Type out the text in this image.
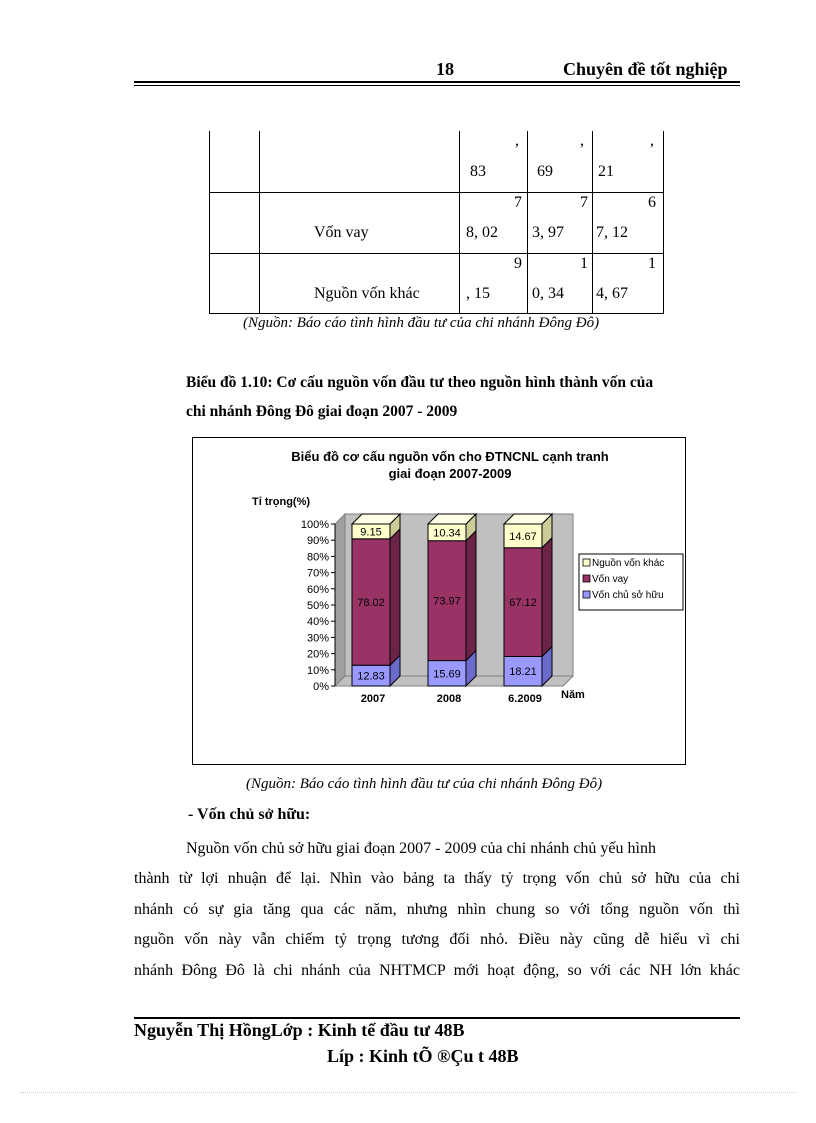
18	Chuyên đề tốt nghiệp
,
83
,
69
,
21
Vốn vay
7
8, 02
7
3, 97
6
7, 12
Nguồn vốn khác
9
, 15
1
0, 34
1
4, 67
(Nguồn: Báo cáo tình hình đầu tư của chi nhánh Đông Đô)
Biểu đồ 1.10: Cơ cấu nguồn vốn đầu tư theo nguồn hình thành vốn của
chi nhánh Đông Đô giai đoạn 2007 - 2009
Biểu đồ cơ cấu nguồn vốn cho ĐTNCNL cạnh tranh
giai đoạn 2007-2009
Tỉ trọng(%)
0%
10%
20%
30%
40%
50%
60%
70%
80%
90%
100%
12.83
78.02
9.15
2007
15.69
73.97
10.34
2008
18.21
67.12
14.67
6.2009 Năm
Nguồn vốn khác
Vốn vay
Vốn chủ sở hữu
(Nguồn: Báo cáo tình hình đầu tư của chi nhánh Đông Đô)
- Vốn chủ sở hữu:
Nguồn vốn chủ sở hữu giai đoạn 2007 - 2009 của chi nhánh chủ yếu hình
thành từ lợi nhuận để lại. Nhìn vào bảng ta thấy tỷ trọng vốn chủ sở hữu của chi
nhánh có sự gia tăng qua các năm, nhưng nhìn chung so với tổng nguồn vốn thì
nguồn vốn này vẫn chiếm tỷ trọng tương đối nhỏ. Điều này cũng dễ hiểu vì chi
nhánh Đông Đô là chi nhánh của NHTMCP mới hoạt động, so với các NH lớn khác
Nguyễn Thị HồngLớp : Kinh tế đầu tư 48B
Líp : Kinh tÕ ®Çu t 48B
